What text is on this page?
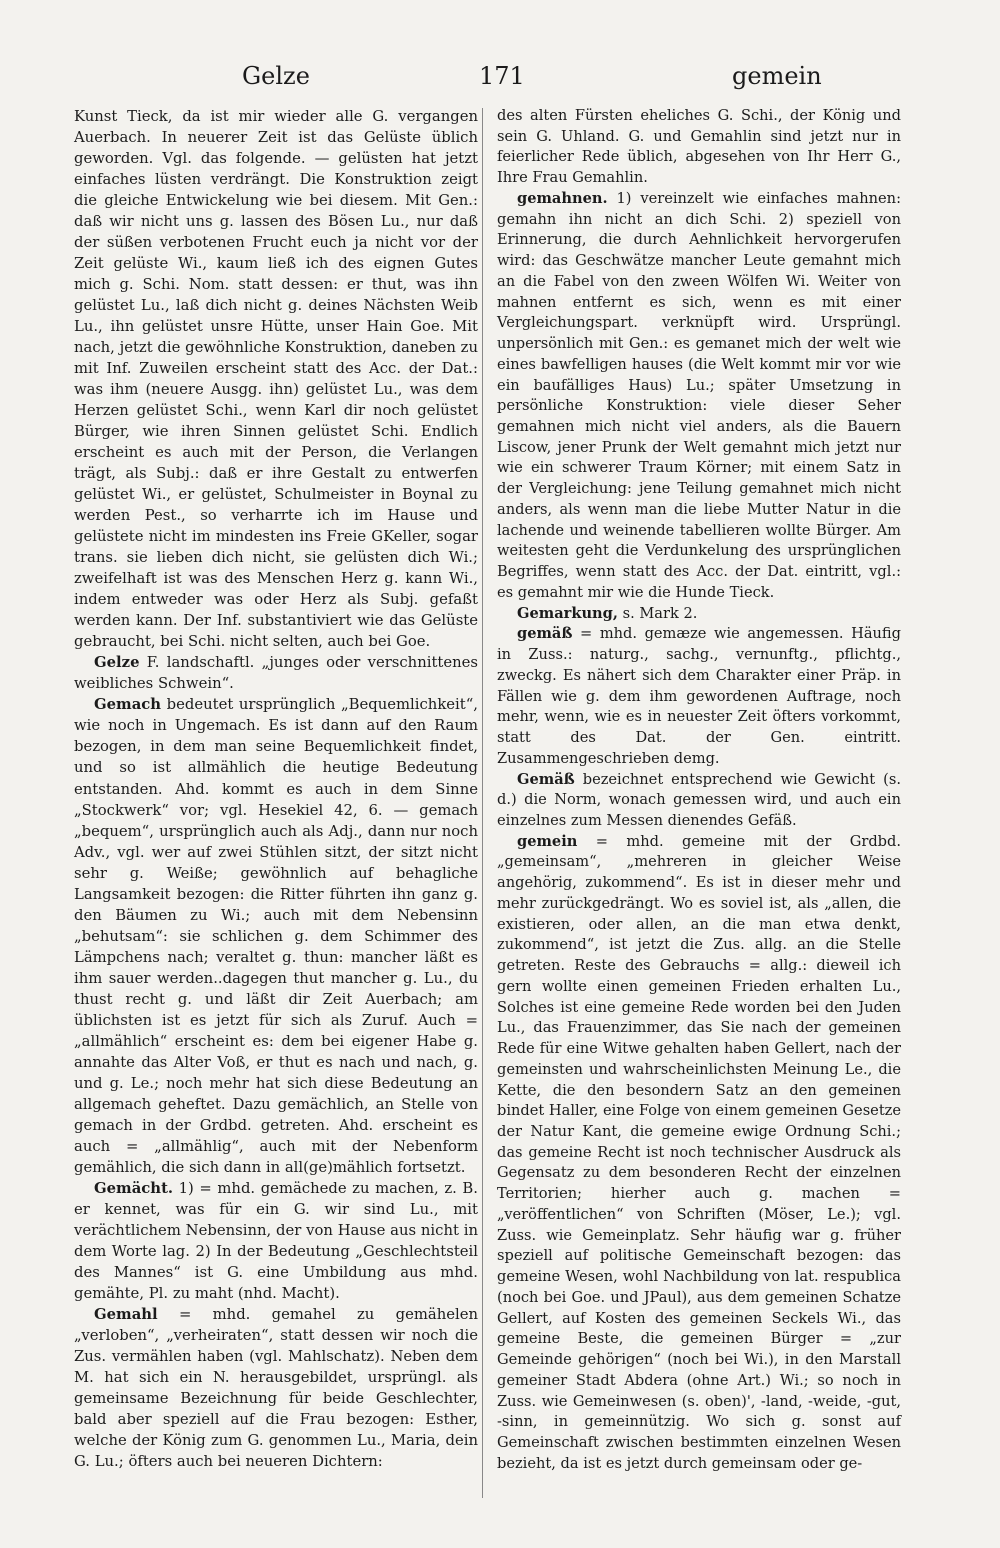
Gelze	171	gemein

Kunst Tieck, da ist mir wieder alle G. vergangen Auerbach. In neuerer Zeit ist das Gelüste üblich geworden. Vgl. das folgende. — gelüsten hat jetzt einfaches lüsten verdrängt. Die Konstruktion zeigt die gleiche Entwickelung wie bei diesem. Mit Gen.: daß wir nicht uns g. lassen des Bösen Lu., nur daß der süßen verbotenen Frucht euch ja nicht vor der Zeit gelüste Wi., kaum ließ ich des eignen Gutes mich g. Schi. Nom. statt dessen: er thut, was ihn gelüstet Lu., laß dich nicht g. deines Nächsten Weib Lu., ihn gelüstet unsre Hütte, unser Hain Goe. Mit nach, jetzt die gewöhnliche Konstruktion, daneben zu mit Inf. Zuweilen erscheint statt des Acc. der Dat.: was ihm (neuere Ausgg. ihn) gelüstet Lu., was dem Herzen gelüstet Schi., wenn Karl dir noch gelüstet Bürger, wie ihren Sinnen gelüstet Schi. Endlich erscheint es auch mit der Person, die Verlangen trägt, als Subj.: daß er ihre Gestalt zu entwerfen gelüstet Wi., er gelüstet, Schulmeister in Boynal zu werden Pest., so verharrte ich im Hause und gelüstete nicht im mindesten ins Freie GKeller, sogar trans. sie lieben dich nicht, sie gelüsten dich Wi.; zweifelhaft ist was des Menschen Herz g. kann Wi., indem entweder was oder Herz als Subj. gefaßt werden kann. Der Inf. substantiviert wie das Gelüste gebraucht, bei Schi. nicht selten, auch bei Goe.

Gelze F. landschaftl. „junges oder verschnittenes weibliches Schwein“.

Gemach bedeutet ursprünglich „Bequemlichkeit“, wie noch in Ungemach. Es ist dann auf den Raum bezogen, in dem man seine Bequemlichkeit findet, und so ist allmählich die heutige Bedeutung entstanden. Ahd. kommt es auch in dem Sinne „Stockwerk“ vor; vgl. Hesekiel 42, 6. — gemach „bequem“, ursprünglich auch als Adj., dann nur noch Adv., vgl. wer auf zwei Stühlen sitzt, der sitzt nicht sehr g. Weiße; gewöhnlich auf behagliche Langsamkeit bezogen: die Ritter führten ihn ganz g. den Bäumen zu Wi.; auch mit dem Nebensinn „behutsam“: sie schlichen g. dem Schimmer des Lämpchens nach; veraltet g. thun: mancher läßt es ihm sauer werden..dagegen thut mancher g. Lu., du thust recht g. und läßt dir Zeit Auerbach; am üblichsten ist es jetzt für sich als Zuruf. Auch = „allmählich“ erscheint es: dem bei eigener Habe g. annahte das Alter Voß, er thut es nach und nach, g. und g. Le.; noch mehr hat sich diese Bedeutung an allgemach geheftet. Dazu gemächlich, an Stelle von gemach in der Grdbd. getreten. Ahd. erscheint es auch = „allmählig“, auch mit der Nebenform gemählich, die sich dann in all(ge)mählich fortsetzt.

Gemächt. 1) = mhd. gemächede zu machen, z. B. er kennet, was für ein G. wir sind Lu., mit verächtlichem Nebensinn, der von Hause aus nicht in dem Worte lag. 2) In der Bedeutung „Geschlechtsteil des Mannes“ ist G. eine Umbildung aus mhd. gemähte, Pl. zu maht (nhd. Macht).

Gemahl = mhd. gemahel zu gemähelen „verloben“, „verheiraten“, statt dessen wir noch die Zus. vermählen haben (vgl. Mahlschatz). Neben dem M. hat sich ein N. herausgebildet, ursprüngl. als gemeinsame Bezeichnung für beide Geschlechter, bald aber speziell auf die Frau bezogen: Esther, welche der König zum G. genommen Lu., Maria, dein G. Lu.; öfters auch bei neueren Dichtern:

des alten Fürsten eheliches G. Schi., der König und sein G. Uhland. G. und Gemahlin sind jetzt nur in feierlicher Rede üblich, abgesehen von Ihr Herr G., Ihre Frau Gemahlin.

gemahnen. 1) vereinzelt wie einfaches mahnen: gemahn ihn nicht an dich Schi. 2) speziell von Erinnerung, die durch Aehnlichkeit hervorgerufen wird: das Geschwätze mancher Leute gemahnt mich an die Fabel von den zween Wölfen Wi. Weiter von mahnen entfernt es sich, wenn es mit einer Vergleichungspart. verknüpft wird. Ursprüngl. unpersönlich mit Gen.: es gemanet mich der welt wie eines bawfelligen hauses (die Welt kommt mir vor wie ein baufälliges Haus) Lu.; später Umsetzung in persönliche Konstruktion: viele dieser Seher gemahnen mich nicht viel anders, als die Bauern Liscow, jener Prunk der Welt gemahnt mich jetzt nur wie ein schwerer Traum Körner; mit einem Satz in der Vergleichung: jene Teilung gemahnet mich nicht anders, als wenn man die liebe Mutter Natur in die lachende und weinende tabellieren wollte Bürger. Am weitesten geht die Verdunkelung des ursprünglichen Begriffes, wenn statt des Acc. der Dat. eintritt, vgl.: es gemahnt mir wie die Hunde Tieck.

Gemarkung, s. Mark 2.

gemäß = mhd. gemæze wie angemessen. Häufig in Zuss.: naturg., sachg., vernunftg., pflichtg., zweckg. Es nähert sich dem Charakter einer Präp. in Fällen wie g. dem ihm gewordenen Auftrage, noch mehr, wenn, wie es in neuester Zeit öfters vorkommt, statt des Dat. der Gen. eintritt. Zusammengeschrieben demg.

Gemäß bezeichnet entsprechend wie Gewicht (s. d.) die Norm, wonach gemessen wird, und auch ein einzelnes zum Messen dienendes Gefäß.

gemein = mhd. gemeine mit der Grdbd. „gemeinsam“, „mehreren in gleicher Weise angehörig, zukommend“. Es ist in dieser mehr und mehr zurückgedrängt. Wo es soviel ist, als „allen, die existieren, oder allen, an die man etwa denkt, zukommend“, ist jetzt die Zus. allg. an die Stelle getreten. Reste des Gebrauchs = allg.: dieweil ich gern wollte einen gemeinen Frieden erhalten Lu., Solches ist eine gemeine Rede worden bei den Juden Lu., das Frauenzimmer, das Sie nach der gemeinen Rede für eine Witwe gehalten haben Gellert, nach der gemeinsten und wahrscheinlichsten Meinung Le., die Kette, die den besondern Satz an den gemeinen bindet Haller, eine Folge von einem gemeinen Gesetze der Natur Kant, die gemeine ewige Ordnung Schi.; das gemeine Recht ist noch technischer Ausdruck als Gegensatz zu dem besonderen Recht der einzelnen Territorien; hierher auch g. machen = „veröffentlichen“ von Schriften (Möser, Le.); vgl. Zuss. wie Gemeinplatz. Sehr häufig war g. früher speziell auf politische Gemeinschaft bezogen: das gemeine Wesen, wohl Nachbildung von lat. respublica (noch bei Goe. und JPaul), aus dem gemeinen Schatze Gellert, auf Kosten des gemeinen Seckels Wi., das gemeine Beste, die gemeinen Bürger = „zur Gemeinde gehörigen“ (noch bei Wi.), in den Marstall gemeiner Stadt Abdera (ohne Art.) Wi.; so noch in Zuss. wie Gemeinwesen (s. oben)', -land, -weide, -gut, -sinn, in gemeinnützig. Wo sich g. sonst auf Gemeinschaft zwischen bestimmten einzelnen Wesen bezieht, da ist es jetzt durch gemeinsam oder ge-
